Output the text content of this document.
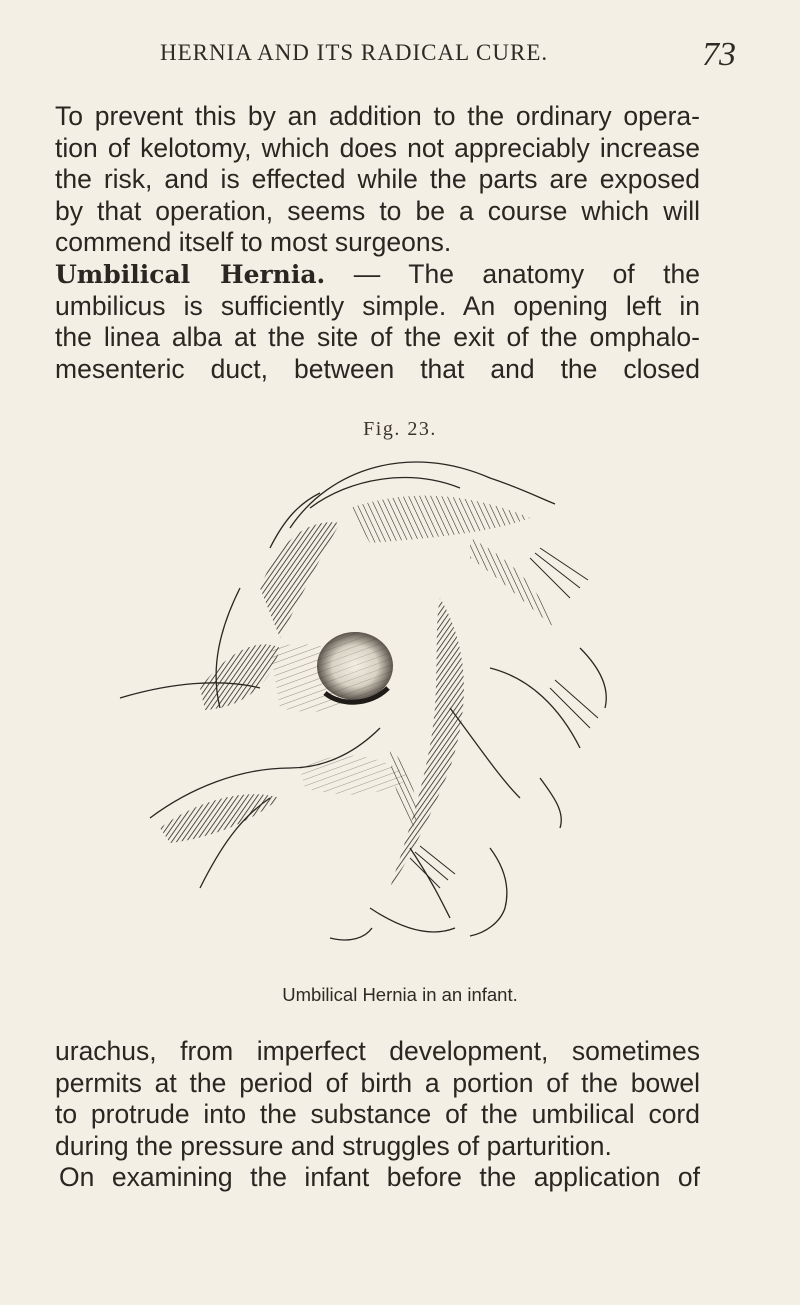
HERNIA AND ITS RADICAL CURE.	73
To prevent this by an addition to the ordinary opera-
tion of kelotomy, which does not appreciably increase
the risk, and is effected while the parts are exposed
by that operation, seems to be a course which will
commend itself to most surgeons.
Umbilical Hernia. — The anatomy of the
umbilicus is sufficiently simple. An opening left in
the linea alba at the site of the exit of the omphalo-
mesenteric duct, between that and the closed
Fig. 23.
Umbilical Hernia in an infant.
urachus, from imperfect development, sometimes
permits at the period of birth a portion of the bowel
to protrude into the substance of the umbilical cord
during the pressure and struggles of parturition.
On examining the infant before the application of
